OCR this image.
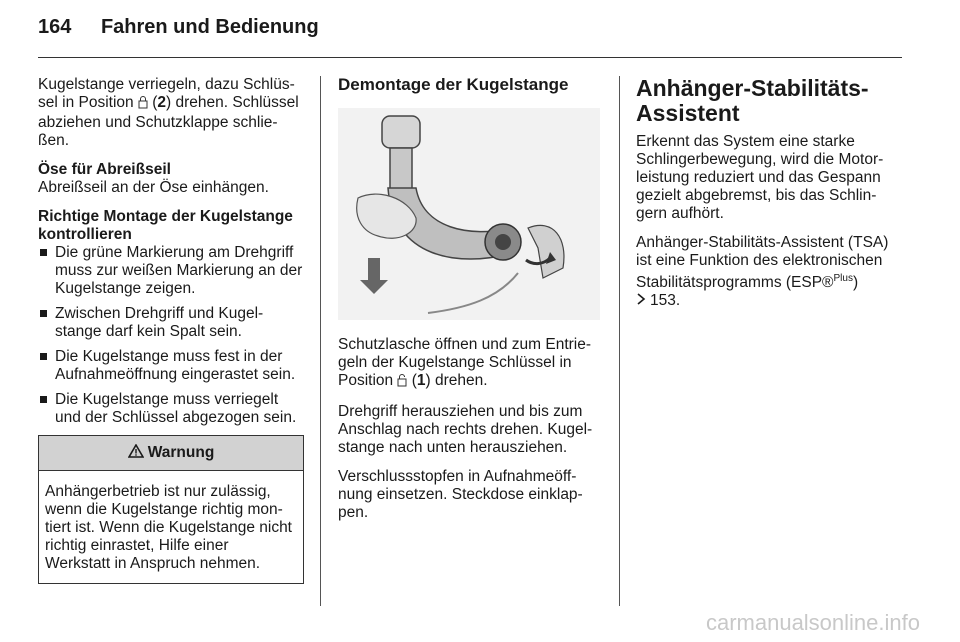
164 Fahren und Bedienung

Kugelstange verriegeln, dazu Schlüs-sel in Position  (2) drehen. Schlüssel abziehen und Schutzklappe schlie-ßen.

Öse für Abreißseil

Abreißseil an der Öse einhängen.

Richtige Montage der Kugelstange kontrollieren

Die grüne Markierung am Drehgriff muss zur weißen Markierung an der Kugelstange zeigen.
Zwischen Drehgriff und Kugel-stange darf kein Spalt sein.
Die Kugelstange muss fest in der Aufnahmeöffnung eingerastet sein.
Die Kugelstange muss verriegelt und der Schlüssel abgezogen sein.
Warnung
Anhängerbetrieb ist nur zulässig, wenn die Kugelstange richtig mon-tiert ist. Wenn die Kugelstange nicht richtig einrastet, Hilfe einer Werkstatt in Anspruch nehmen.

Demontage der Kugelstange

Schutzlasche öffnen und zum Entrie-geln der Kugelstange Schlüssel in Position  (1) drehen.

Drehgriff herausziehen und bis zum Anschlag nach rechts drehen. Kugel-stange nach unten herausziehen.

Verschlussstopfen in Aufnahmeöff-nung einsetzen. Steckdose einklap-pen.

Anhänger-Stabilitäts-Assistent

Erkennt das System eine starke Schlingerbewegung, wird die Motor-leistung reduziert und das Gespann gezielt abgebremst, bis das Schlin-gern aufhört.

Anhänger-Stabilitäts-Assistent (TSA) ist eine Funktion des elektronischen Stabilitätsprogramms (ESP®$^{Plus}$)

153.

carmanualsonline.info
